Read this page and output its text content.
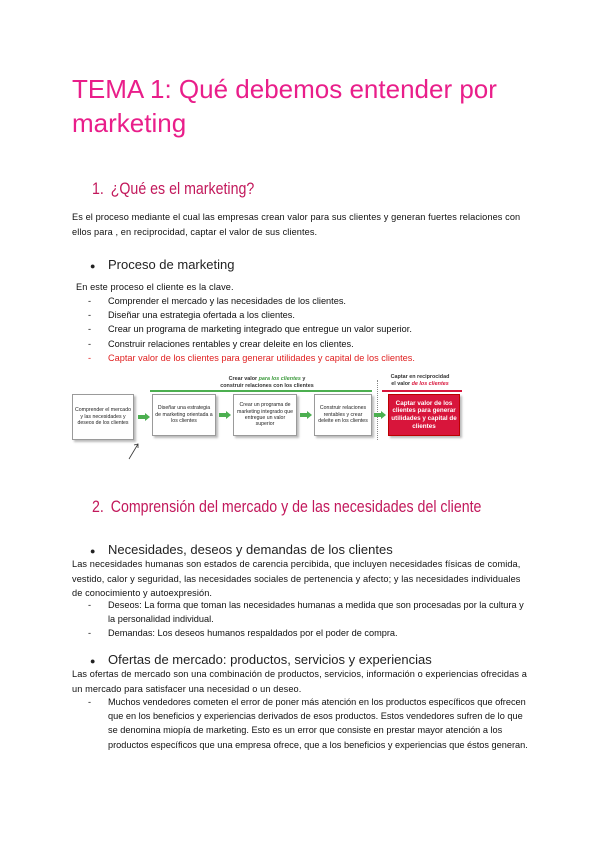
TEMA 1: Qué debemos entender por marketing
1. ¿Qué es el marketing?

Es el proceso mediante el cual las empresas crean valor para sus clientes y generan fuertes relaciones con ellos para , en reciprocidad, captar el valor de sus clientes.

● Proceso de marketing

En este proceso el cliente es la clave.

- Comprender el mercado y las necesidades de los clientes.
- Diseñar una estrategia ofertada a los clientes.
- Crear un programa de marketing integrado que entregue un valor superior.
- Construir relaciones rentables y crear deleite en los clientes.
- Captar valor de los clientes para generar utilidades y capital de los clientes.
Crear valor para los clientes y
construir relaciones con los clientes
Captar en reciprocidad
el valor de los clientes
Comprender el mercado y las necesidades y deseos de los clientes
Diseñar una estrategia de marketing orientada a los clientes
Crear un programa de marketing integrado que entregue un valor superior
Construir relaciones rentables y crear deleite en los clientes
Captar valor de los clientes para generar utilidades y capital de clientes
2. Comprensión del mercado y de las necesidades del cliente

● Necesidades, deseos y demandas de los clientes

Las necesidades humanas son estados de carencia percibida, que incluyen necesidades físicas de comida, vestido, calor y seguridad, las necesidades sociales de pertenencia y afecto; y las necesidades individuales de conocimiento y autoexpresión.

- Deseos: La forma que toman las necesidades humanas a medida que son procesadas por la cultura y la personalidad individual.
- Demandas: Los deseos humanos respaldados por el poder de compra.

● Ofertas de mercado: productos, servicios y experiencias

Las ofertas de mercado son una combinación de productos, servicios, información o experiencias ofrecidas a un mercado para satisfacer una necesidad o un deseo.

- Muchos vendedores cometen el error de poner más atención en los productos específicos que ofrecen que en los beneficios y experiencias derivados de esos productos. Estos vendedores sufren de lo que se denomina miopía de marketing. Esto es un error que consiste en prestar mayor atención a los productos específicos que una empresa ofrece, que a los beneficios y experiencias que éstos generan.
